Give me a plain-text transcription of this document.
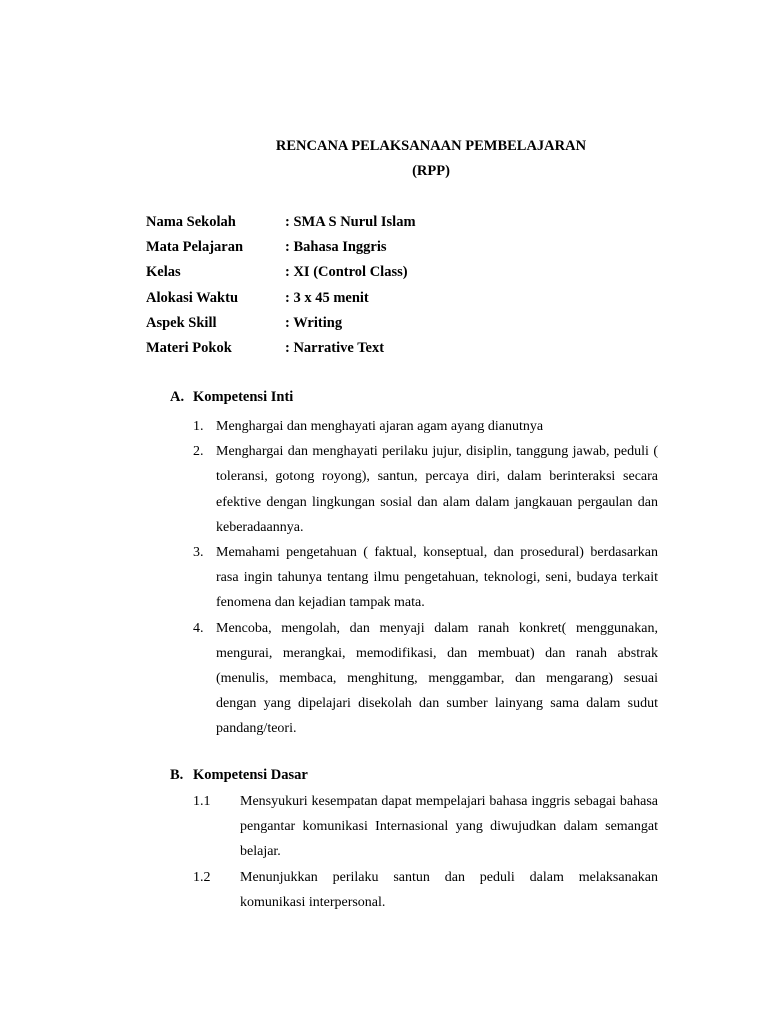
RENCANA PELAKSANAAN PEMBELAJARAN
(RPP)
Nama Sekolah	: SMA S Nurul Islam
Mata Pelajaran	: Bahasa Inggris
Kelas	: XI (Control Class)
Alokasi Waktu	: 3 x 45 menit
Aspek Skill	: Writing
Materi Pokok	: Narrative Text
A. Kompetensi Inti
1. Menghargai dan menghayati ajaran agam ayang dianutnya
2. Menghargai dan menghayati perilaku jujur, disiplin, tanggung jawab, peduli ( toleransi, gotong royong), santun, percaya diri, dalam berinteraksi secara efektive dengan lingkungan sosial dan alam dalam jangkauan pergaulan dan keberadaannya.
3. Memahami pengetahuan ( faktual, konseptual, dan prosedural) berdasarkan rasa ingin tahunya tentang ilmu pengetahuan, teknologi, seni, budaya terkait fenomena dan kejadian tampak mata.
4. Mencoba, mengolah, dan menyaji dalam ranah konkret( menggunakan, mengurai, merangkai, memodifikasi, dan membuat) dan ranah abstrak (menulis, membaca, menghitung, menggambar, dan mengarang) sesuai dengan yang dipelajari disekolah dan sumber lainyang sama dalam sudut pandang/teori.
B. Kompetensi Dasar
1.1	Mensyukuri kesempatan dapat mempelajari bahasa inggris sebagai bahasa pengantar komunikasi Internasional yang diwujudkan dalam semangat belajar.
1.2	Menunjukkan perilaku santun dan peduli dalam melaksanakan komunikasi interpersonal.
